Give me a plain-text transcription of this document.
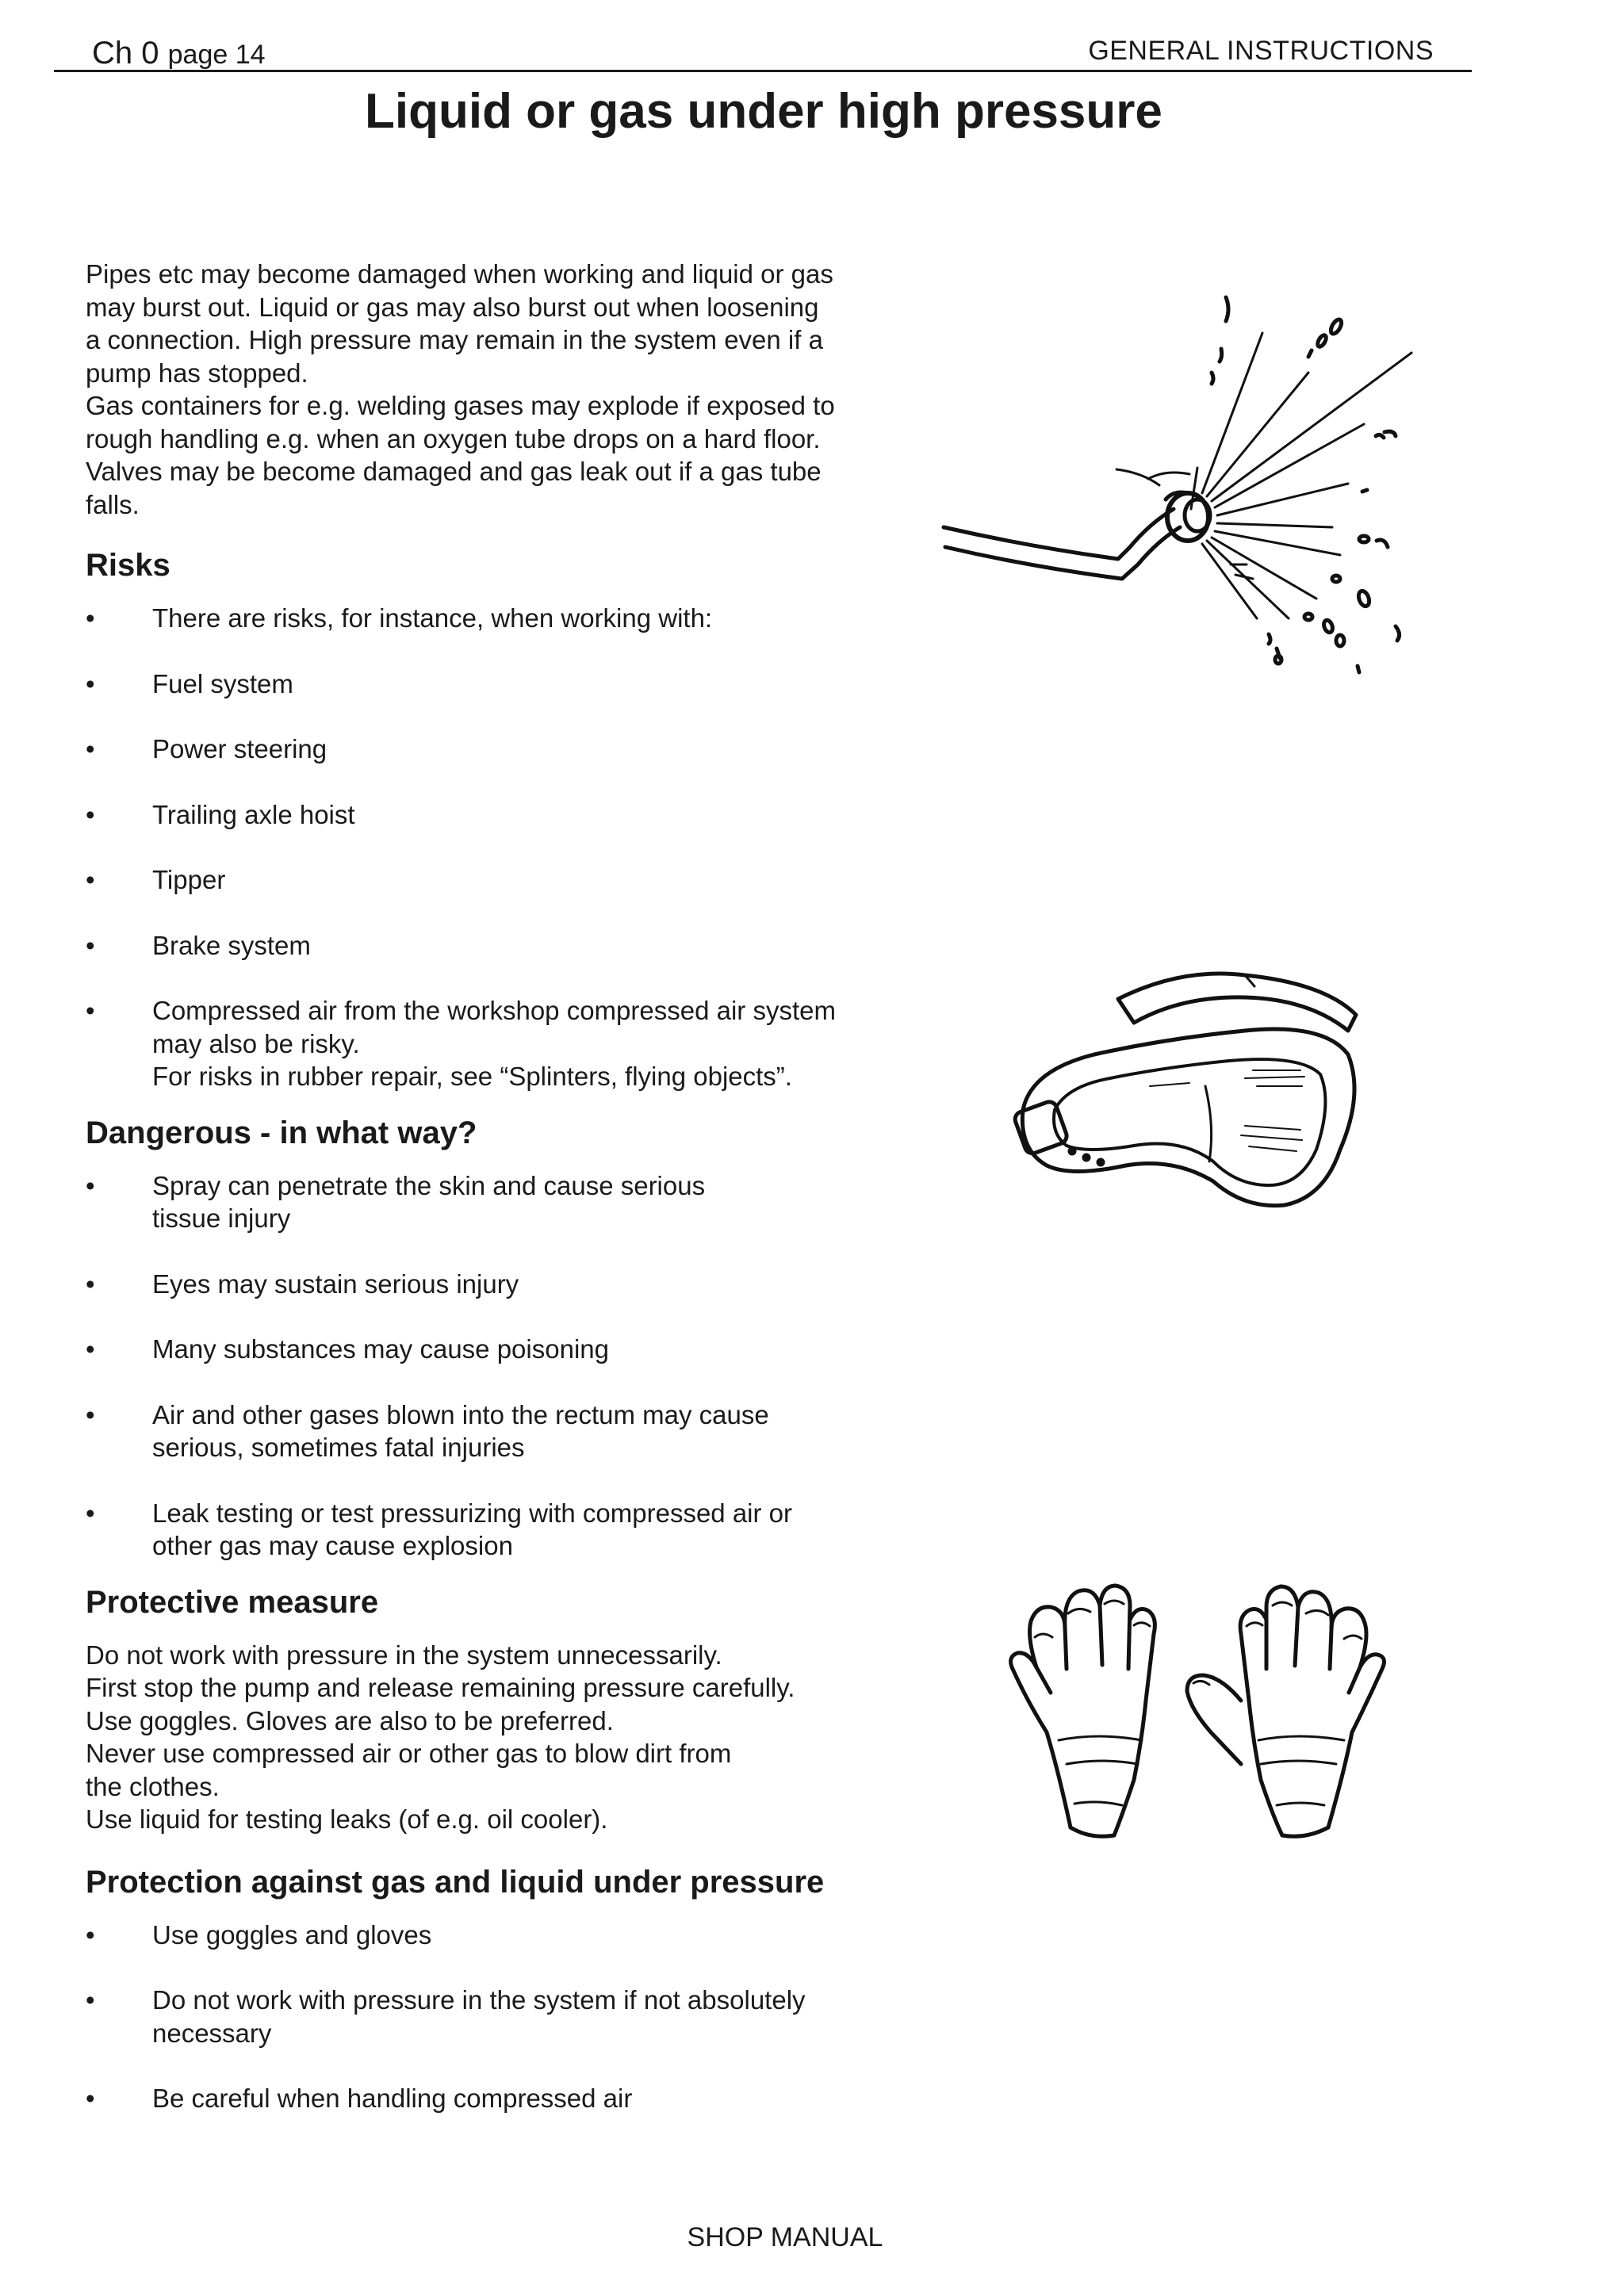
Ch 0 page 14	GENERAL INSTRUCTIONS
Liquid or gas under high pressure

Pipes etc may become damaged when working and liquid or gas

may burst out. Liquid or gas may also burst out when loosening

a connection. High pressure may remain in the system even if a

pump has stopped.

Gas containers for e.g. welding gases may explode if exposed to

rough handling e.g. when an oxygen tube drops on a hard floor.

Valves may be become damaged and gas leak out if a gas tube

falls.

Risks
• There are risks, for instance, when working with:
• Fuel system
• Power steering
• Trailing axle hoist
• Tipper
• Brake system
• Compressed air from the workshop compressed air system
may also be risky.
For risks in rubber repair, see “Splinters, flying objects”.
Dangerous - in what way?
• Spray can penetrate the skin and cause serious
tissue injury
• Eyes may sustain serious injury
• Many substances may cause poisoning
• Air and other gases blown into the rectum may cause
serious, sometimes fatal injuries
• Leak testing or test pressurizing with compressed air or
other gas may cause explosion
Protective measure

Do not work with pressure in the system unnecessarily.

First stop the pump and release remaining pressure carefully.

Use goggles. Gloves are also to be preferred.

Never use compressed air or other gas to blow dirt from

the clothes.

Use liquid for testing leaks (of e.g. oil cooler).

Protection against gas and liquid under pressure
• Use goggles and gloves
• Do not work with pressure in the system if not absolutely
necessary
• Be careful when handling compressed air
SHOP MANUAL
